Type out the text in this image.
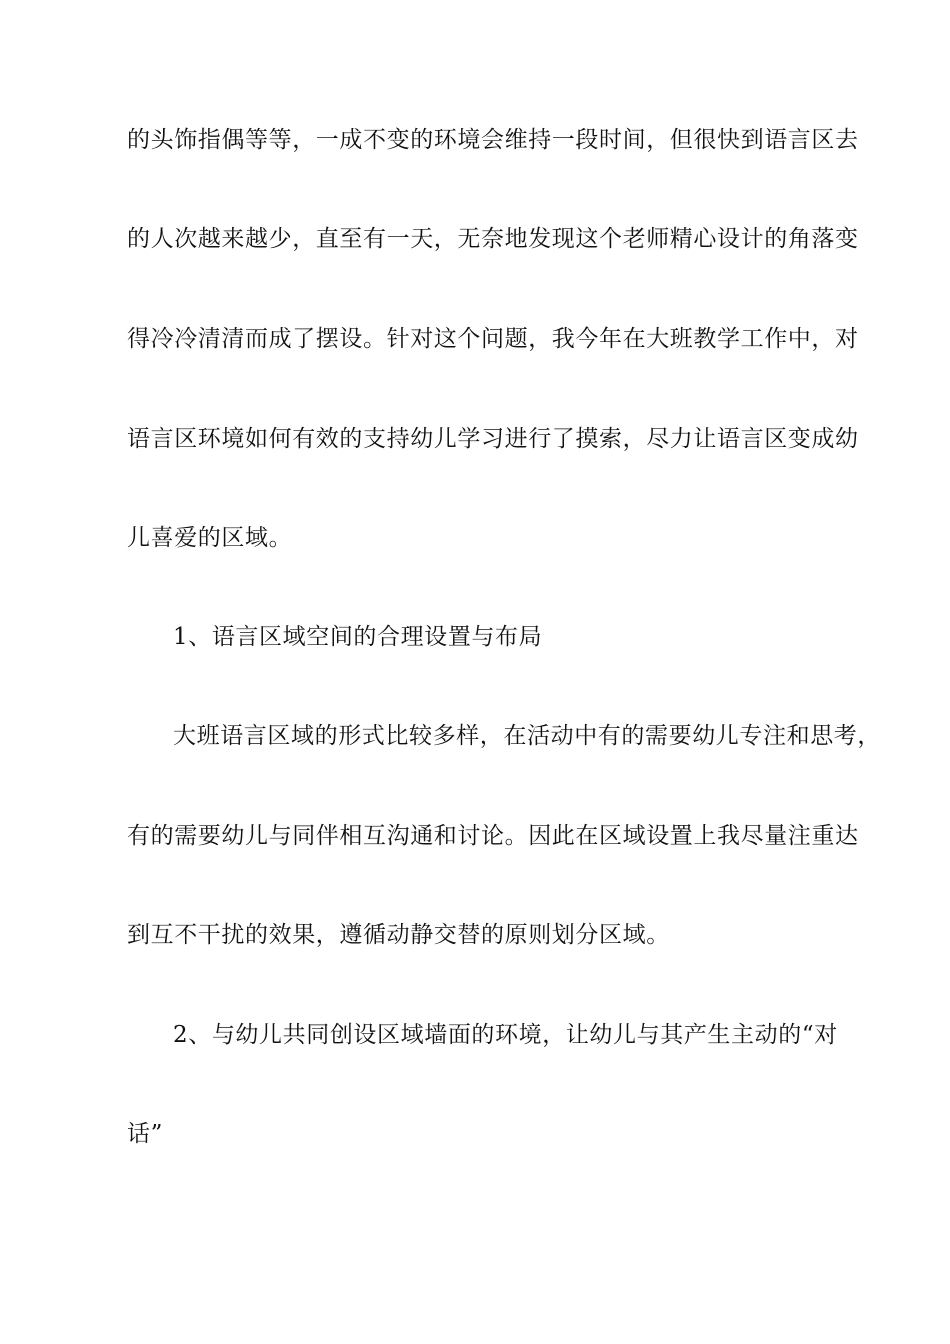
的头饰指偶等等，一成不变的环境会维持一段时间，但很快到语言区去
的人次越来越少，直至有一天，无奈地发现这个老师精心设计的角落变
得冷冷清清而成了摆设。针对这个问题，我今年在大班教学工作中，对
语言区环境如何有效的支持幼儿学习进行了摸索，尽力让语言区变成幼
儿喜爱的区域。
1、语言区域空间的合理设置与布局
大班语言区域的形式比较多样，在活动中有的需要幼儿专注和思考，
有的需要幼儿与同伴相互沟通和讨论。因此在区域设置上我尽量注重达
到互不干扰的效果，遵循动静交替的原则划分区域。
2、与幼儿共同创设区域墙面的环境，让幼儿与其产生主动的“对
话”
